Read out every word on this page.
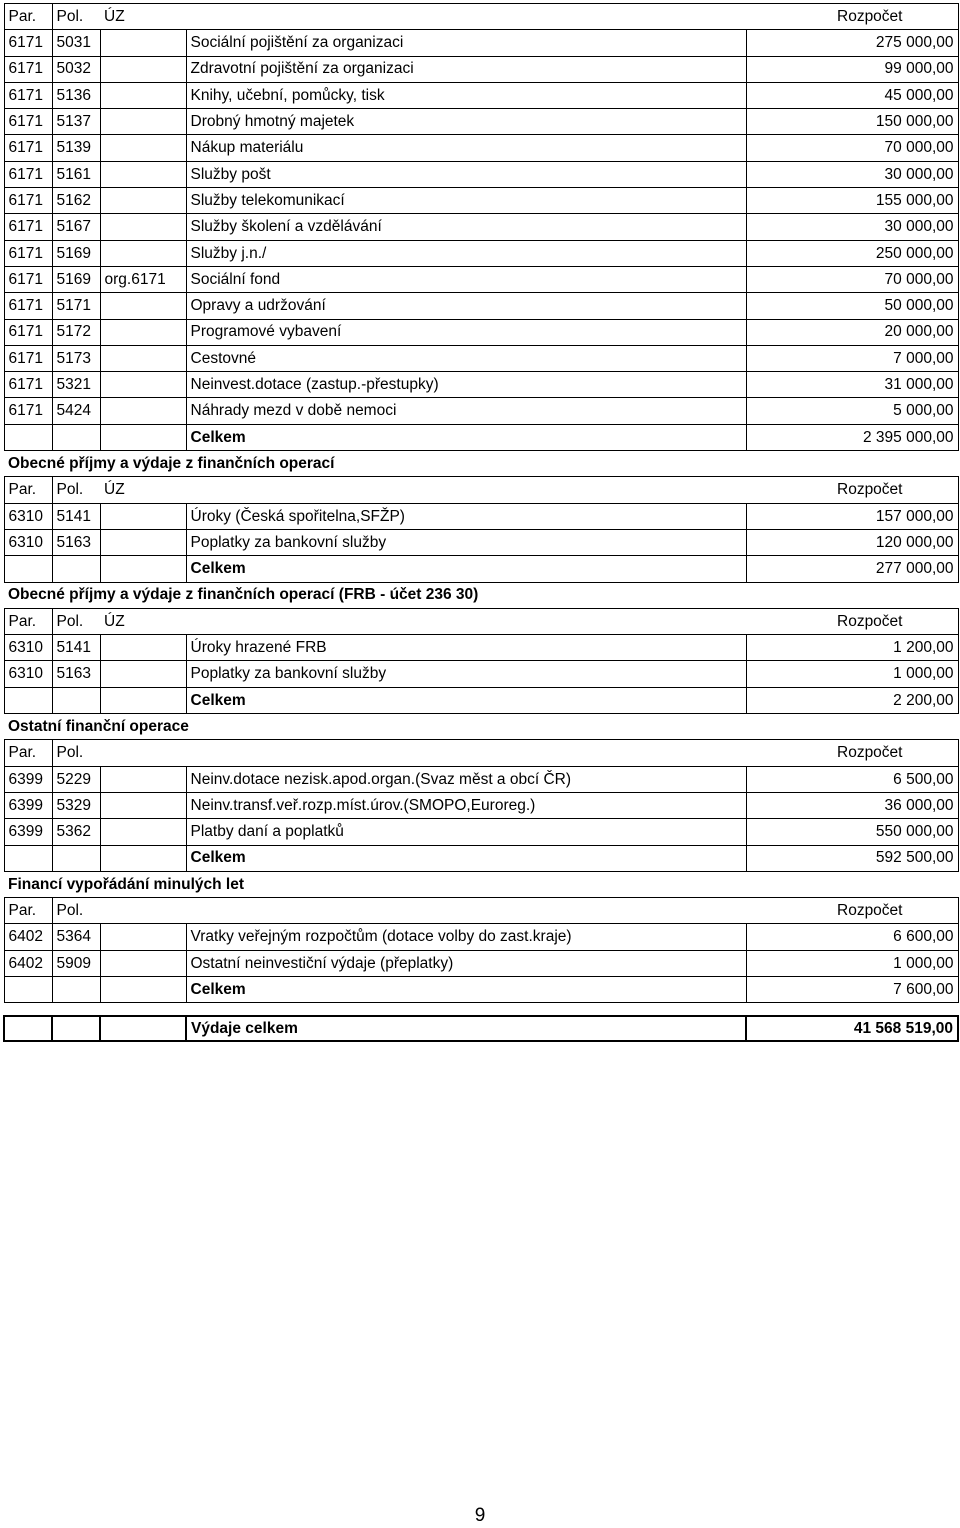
Par.	Pol.	ÚZ		Rozpočet
6171	5031		Sociální pojištění za organizaci	275 000,00
6171	5032		Zdravotní pojištění za organizaci	99 000,00
6171	5136		Knihy, učební, pomůcky, tisk	45 000,00
6171	5137		Drobný hmotný majetek	150 000,00
6171	5139		Nákup materiálu	70 000,00
6171	5161		Služby pošt	30 000,00
6171	5162		Služby telekomunikací	155 000,00
6171	5167		Služby školení a vzdělávání	30 000,00
6171	5169		Služby j.n./	250 000,00
6171	5169	org.6171	Sociální fond	70 000,00
6171	5171		Opravy a udržování	50 000,00
6171	5172		Programové vybavení	20 000,00
6171	5173		Cestovné	7 000,00
6171	5321		Neinvest.dotace (zastup.-přestupky)	31 000,00
6171	5424		Náhrady mezd v době nemoci	5 000,00
			Celkem	2 395 000,00
Obecné příjmy a výdaje z finančních operací				
Par.	Pol.	ÚZ		Rozpočet
6310	5141		Úroky (Česká spořitelna,SFŽP)	157 000,00
6310	5163		Poplatky za bankovní služby	120 000,00
			Celkem	277 000,00
Obecné příjmy a výdaje z finančních operací (FRB - účet 236 30)				
Par.	Pol.	ÚZ		Rozpočet
6310	5141		Úroky hrazené FRB	1 200,00
6310	5163		Poplatky za bankovní služby	1 000,00
			Celkem	2 200,00
Ostatní finanční operace				
Par.	Pol.			Rozpočet
6399	5229		Neinv.dotace nezisk.apod.organ.(Svaz měst a obcí ČR)	6 500,00
6399	5329		Neinv.transf.veř.rozp.míst.úrov.(SMOPO,Euroreg.)	36 000,00
6399	5362		Platby daní a poplatků	550 000,00
			Celkem	592 500,00
Financí vypořádání minulých let				
Par.	Pol.			Rozpočet
6402	5364		Vratky veřejným rozpočtům (dotace volby do zast.kraje)	6 600,00
6402	5909		Ostatní neinvestiční výdaje (přeplatky)	1 000,00
			Celkem	7 600,00

			Výdaje celkem	41 568 519,00
9
